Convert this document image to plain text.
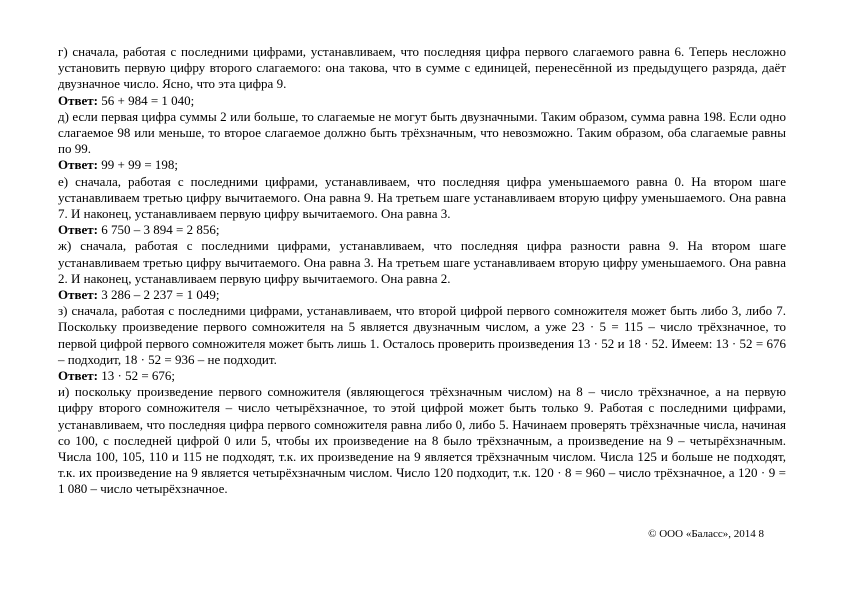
г) сначала, работая с последними цифрами, устанавливаем, что последняя цифра первого слагаемого равна 6. Теперь несложно установить первую цифру второго слагаемого: она такова, что в сумме с единицей, перенесённой из предыдущего разряда, даёт двузначное число. Ясно, что эта цифра 9.

Ответ: 56 + 984 = 1 040;

д) если первая цифра суммы 2 или больше, то слагаемые не могут быть двузначными. Таким образом, сумма равна 198. Если одно слагаемое 98 или меньше, то второе слагаемое должно быть трёхзначным, что невозможно. Таким образом, оба слагаемые равны по 99.

Ответ: 99 + 99 = 198;

е) сначала, работая с последними цифрами, устанавливаем, что последняя цифра уменьшаемого равна 0. На втором шаге устанавливаем третью цифру вычитаемого. Она равна 9. На третьем шаге устанавливаем вторую цифру уменьшаемого. Она равна 7. И наконец, устанавливаем первую цифру вычитаемого. Она равна 3.

Ответ: 6 750 – 3 894 = 2 856;

ж) сначала, работая с последними цифрами, устанавливаем, что последняя цифра разности равна 9. На втором шаге устанавливаем третью цифру вычитаемого. Она равна 3. На третьем шаге устанавливаем вторую цифру уменьшаемого. Она равна 2. И наконец, устанавливаем первую цифру вычитаемого. Она равна 2.

Ответ: 3 286 – 2 237 = 1 049;

з) сначала, работая с последними цифрами, устанавливаем, что второй цифрой первого сомножителя может быть либо 3, либо 7. Поскольку произведение первого сомножителя на 5 является двузначным числом, а уже 23 · 5 = 115 – число трёхзначное, то первой цифрой первого сомножителя может быть лишь 1. Осталось проверить произведения 13 · 52 и 18 · 52. Имеем: 13 · 52 = 676 – подходит, 18 · 52 = 936 – не подходит.

Ответ: 13 · 52 = 676;

и) поскольку произведение первого сомножителя (являющегося трёхзначным числом) на 8 – число трёхзначное, а на первую цифру второго сомножителя – число четырёхзначное, то этой цифрой может быть только 9. Работая с последними цифрами, устанавливаем, что последняя цифра первого сомножителя равна либо 0, либо 5. Начинаем проверять трёхзначные числа, начиная со 100, с последней цифрой 0 или 5, чтобы их произведение на 8 было трёхзначным, а произведение на 9 – четырёхзначным. Числа 100, 105, 110 и 115 не подходят, т.к. их произведение на 9 является трёхзначным числом. Числа 125 и больше не подходят, т.к. их произведение на 9 является четырёхзначным числом. Число 120 подходит, т.к. 120 · 8 = 960 – число трёхзначное, а 120 · 9 = 1 080 – число четырёхзначное.

© ООО «Баласс», 2014 8
